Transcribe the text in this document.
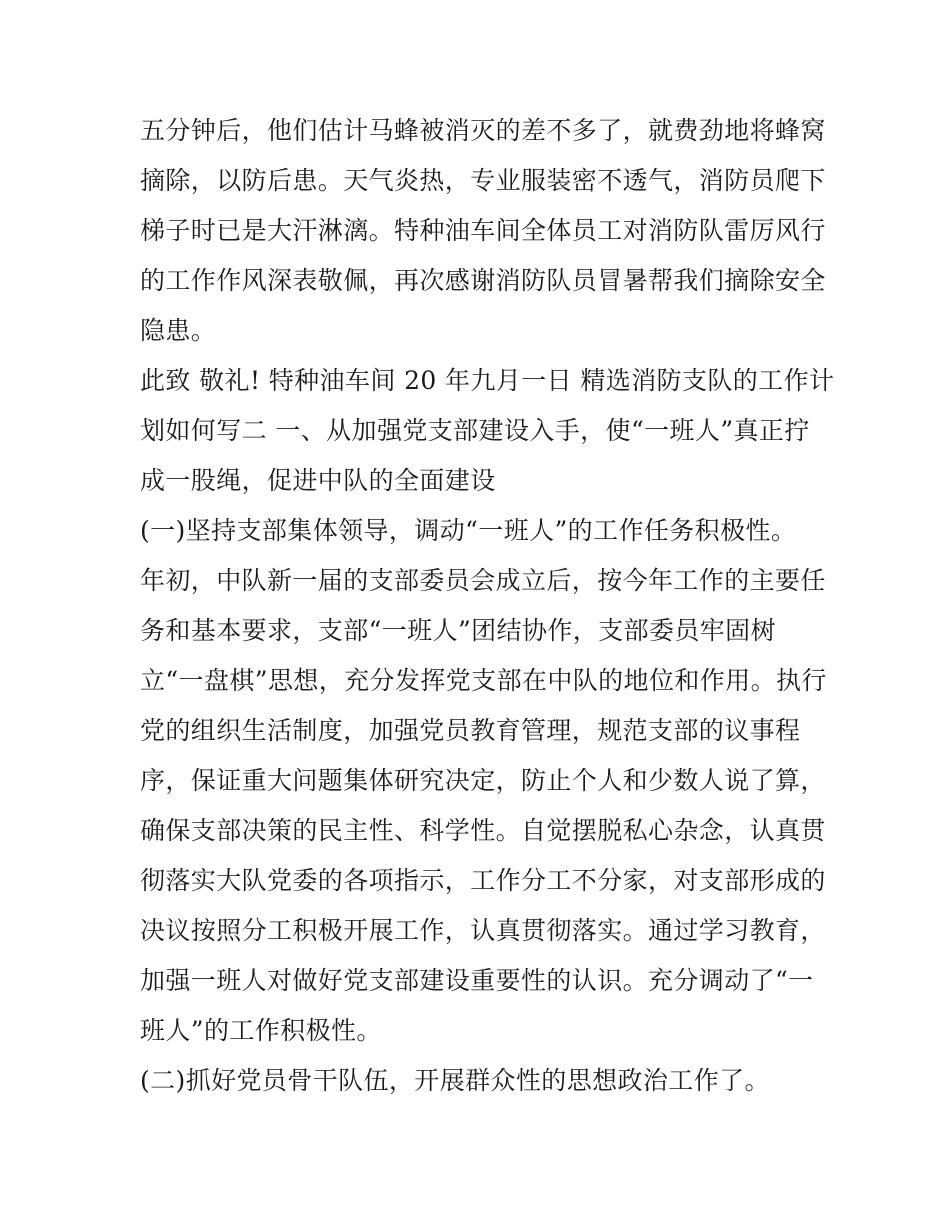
五分钟后，他们估计马蜂被消灭的差不多了，就费劲地将蜂窝
摘除，以防后患。天气炎热，专业服装密不透气，消防员爬下
梯子时已是大汗淋漓。特种油车间全体员工对消防队雷厉风行
的工作作风深表敬佩，再次感谢消防队员冒暑帮我们摘除安全
隐患。
此致 敬礼! 特种油车间 20 年九月一日 精选消防支队的工作计
划如何写二 一、从加强党支部建设入手，使“一班人”真正拧
成一股绳，促进中队的全面建设
(一)坚持支部集体领导，调动“一班人”的工作任务积极性。
年初，中队新一届的支部委员会成立后，按今年工作的主要任
务和基本要求，支部“一班人”团结协作，支部委员牢固树
立“一盘棋”思想，充分发挥党支部在中队的地位和作用。执行
党的组织生活制度，加强党员教育管理，规范支部的议事程
序，保证重大问题集体研究决定，防止个人和少数人说了算，
确保支部决策的民主性、科学性。自觉摆脱私心杂念，认真贯
彻落实大队党委的各项指示，工作分工不分家，对支部形成的
决议按照分工积极开展工作，认真贯彻落实。通过学习教育，
加强一班人对做好党支部建设重要性的认识。充分调动了“一
班人”的工作积极性。
(二)抓好党员骨干队伍，开展群众性的思想政治工作了。
